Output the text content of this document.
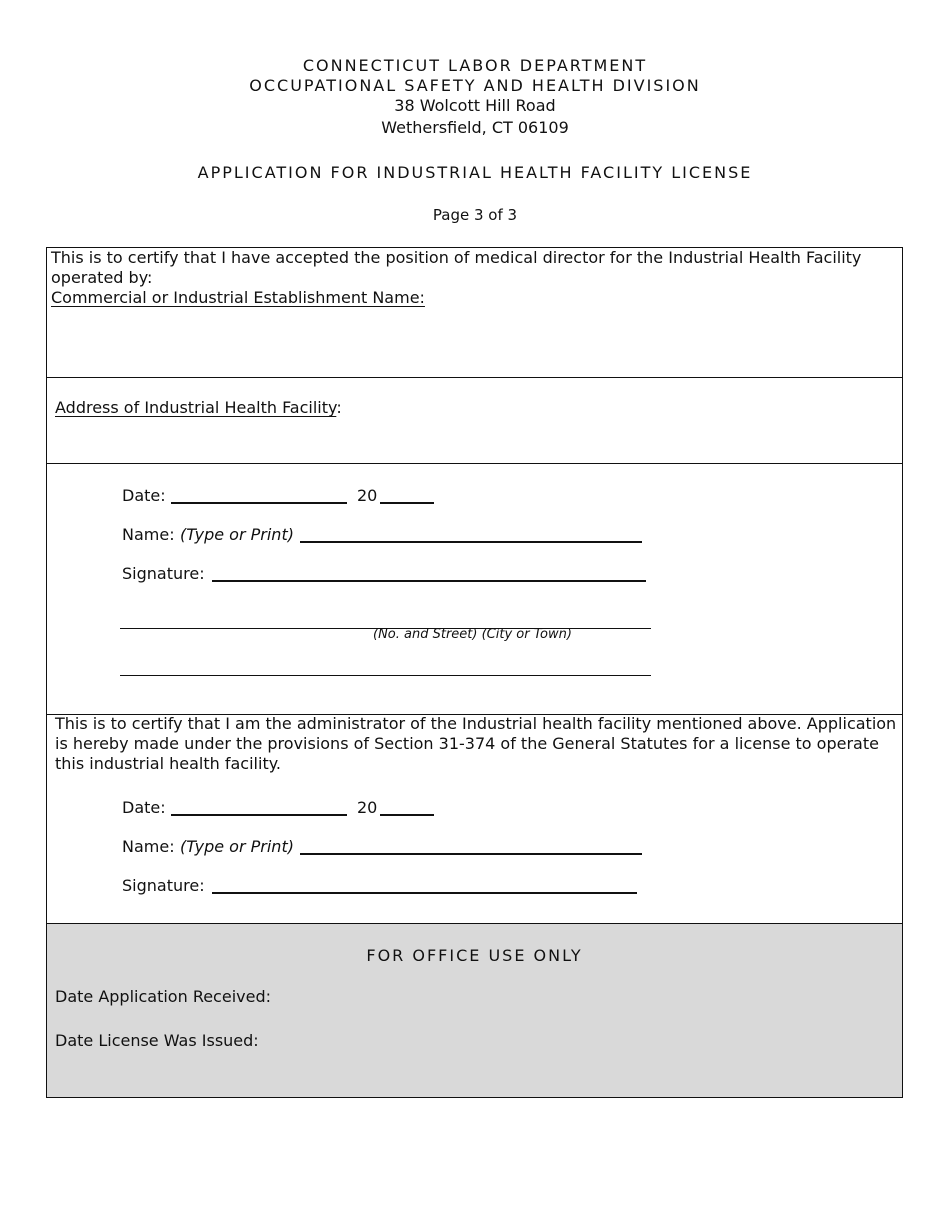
CONNECTICUT LABOR DEPARTMENT
OCCUPATIONAL SAFETY AND HEALTH DIVISION
38 Wolcott Hill Road
Wethersfield, CT 06109
APPLICATION FOR INDUSTRIAL HEALTH FACILITY LICENSE
Page 3 of 3
This is to certify that I have accepted the position of medical director for the Industrial Health Facility operated by:
Commercial or Industrial Establishment Name:
Address of Industrial Health Facility:
Date:	20
Name: (Type or Print)
Signature:
(No. and Street) (City or Town)
This is to certify that I am the administrator of the Industrial health facility mentioned above. Application is hereby made under the provisions of Section 31-374 of the General Statutes for a license to operate this industrial health facility.
Date:	20
Name: (Type or Print)
Signature:
FOR OFFICE USE ONLY
Date Application Received:
Date License Was Issued:
